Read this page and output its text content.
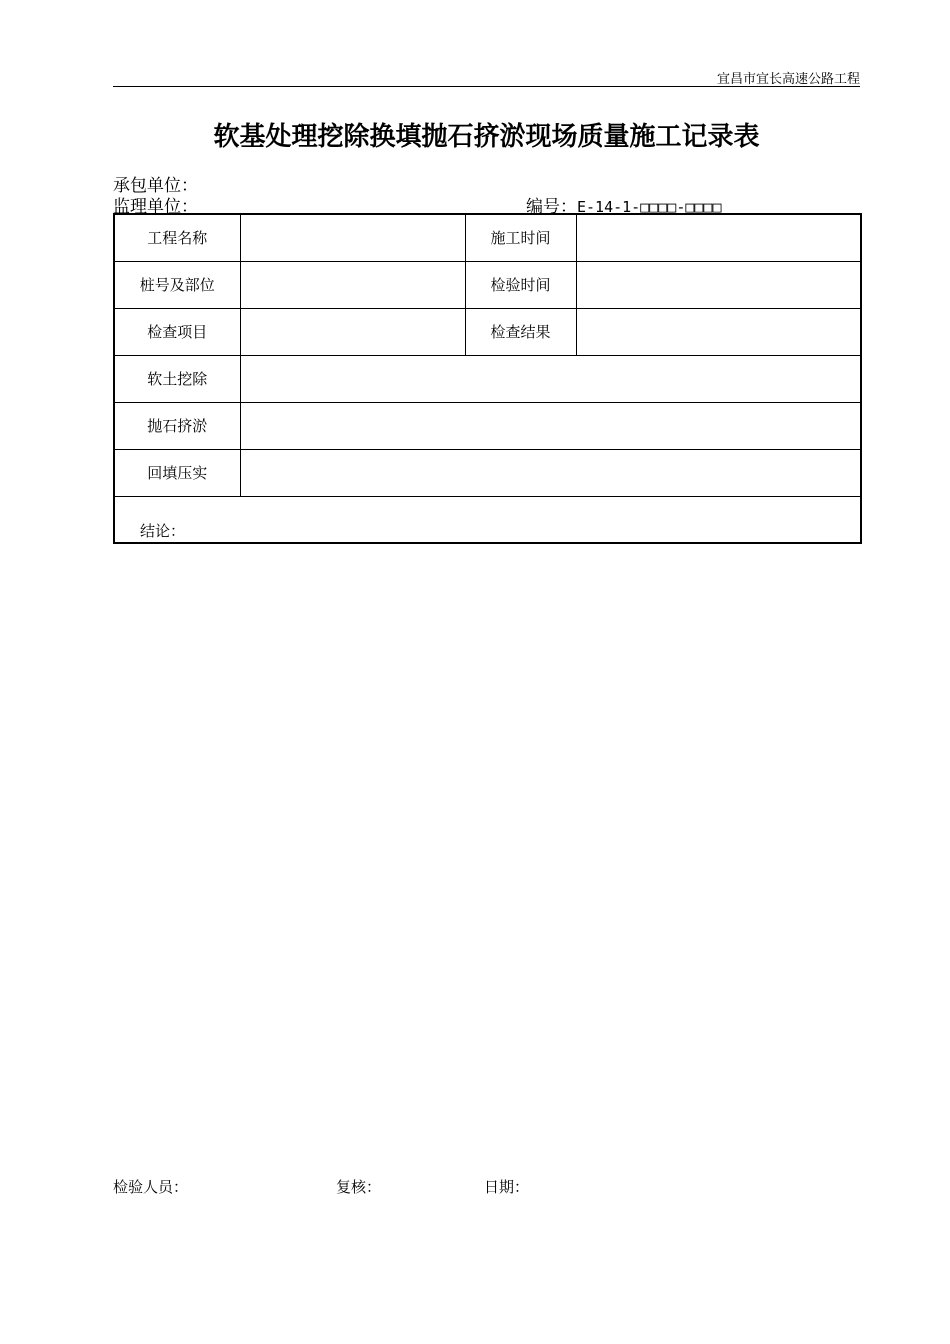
宜昌市宜长高速公路工程
软基处理挖除换填抛石挤淤现场质量施工记录表
承包单位：
监理单位：	编号：E-14-1-□□□□-□□□□
工程名称		施工时间	
桩号及部位		检验时间	
检查项目		检查结果	
软土挖除			
抛石挤淤			
回填压实			
结论：			
检验人员：	复核：	日期：
